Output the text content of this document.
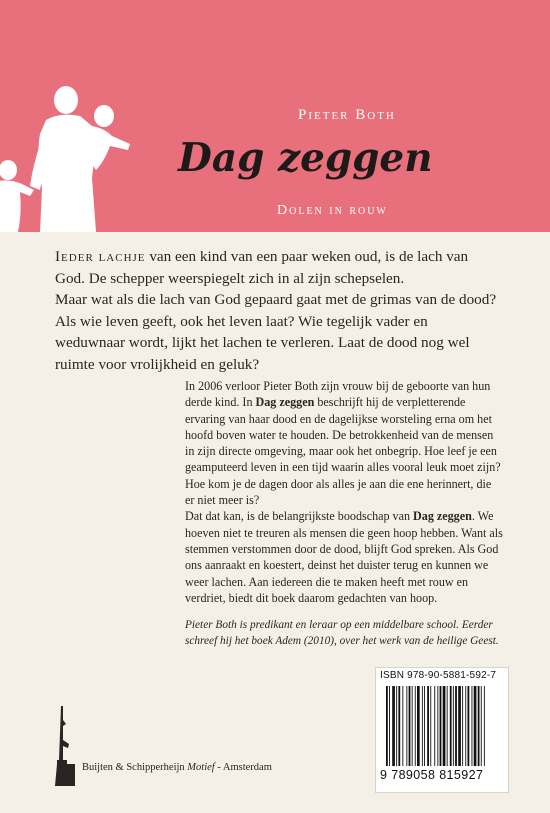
Pieter Both
Dag zeggen
Dolen in rouw

Ieder lachje van een kind van een paar weken oud, is de lach van God. De schepper weerspiegelt zich in al zijn schepselen.

Maar wat als die lach van God gepaard gaat met de grimas van de dood? Als wie leven geeft, ook het leven laat? Wie tegelijk vader en weduwnaar wordt, lijkt het lachen te verleren. Laat de dood nog wel ruimte voor vrolijkheid en geluk?

In 2006 verloor Pieter Both zijn vrouw bij de geboorte van hun derde kind. In Dag zeggen beschrijft hij de verpletterende ervaring van haar dood en de dagelijkse worsteling erna om het hoofd boven water te houden. De betrokkenheid van de mensen in zijn directe omgeving, maar ook het onbegrip. Hoe leef je een geamputeerd leven in een tijd waarin alles vooral leuk moet zijn? Hoe kom je de dagen door als alles je aan die ene herinnert, die er niet meer is?

Dat dat kan, is de belangrijkste boodschap van Dag zeggen. We hoeven niet te treuren als mensen die geen hoop hebben. Want als stemmen verstommen door de dood, blijft God spreken. Als God ons aanraakt en koestert, deinst het duister terug en kunnen we weer lachen. Aan iedereen die te maken heeft met rouw en verdriet, biedt dit boek daarom gedachten van hoop.

Pieter Both is predikant en leraar op een middelbare school. Eerder schreef hij het boek Adem (2010), over het werk van de heilige Geest.
ISBN 978-90-5881-592-7
9 789058 815927
Buijten & Schipperheijn Motief - Amsterdam
